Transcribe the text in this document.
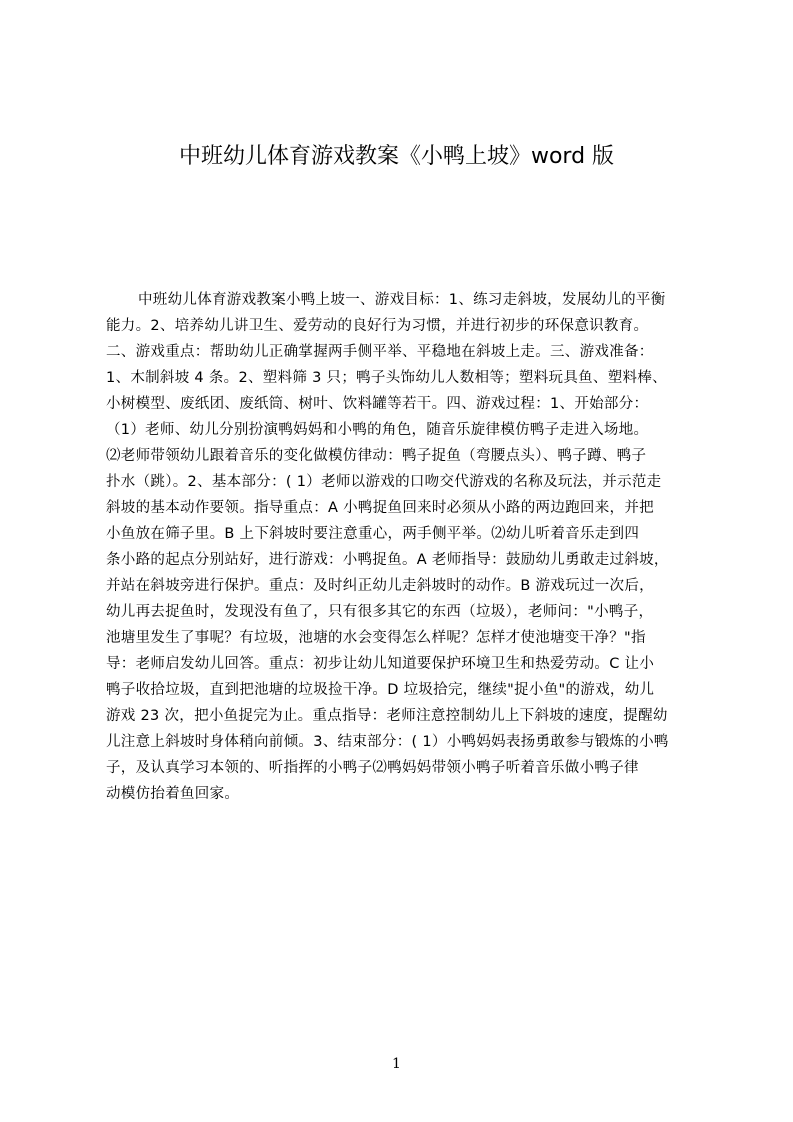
中班幼儿体育游戏教案《小鸭上坡》word 版
中班幼儿体育游戏教案小鸭上坡一、游戏目标：1、练习走斜坡，发展幼儿的平衡
能力。2、培养幼儿讲卫生、爱劳动的良好行为习惯，并进行初步的环保意识教育。
二、游戏重点：帮助幼儿正确掌握两手侧平举、平稳地在斜坡上走。三、游戏准备：
1、木制斜坡 4 条。2、塑料筛 3 只；鸭子头饰幼儿人数相等；塑料玩具鱼、塑料棒、
小树模型、废纸团、废纸筒、树叶、饮料罐等若干。四、游戏过程：1、开始部分：
（1）老师、幼儿分别扮演鸭妈妈和小鸭的角色，随音乐旋律模仿鸭子走进入场地。
⑵老师带领幼儿跟着音乐的变化做模仿律动：鸭子捉鱼（弯腰点头）、鸭子蹲、鸭子
扑水（跳）。2、基本部分：( 1）老师以游戏的口吻交代游戏的名称及玩法，并示范走
斜坡的基本动作要领。指导重点：A 小鸭捉鱼回来时必须从小路的两边跑回来，并把
小鱼放在筛子里。B 上下斜坡时要注意重心，两手侧平举。⑵幼儿听着音乐走到四
条小路的起点分别站好，进行游戏：小鸭捉鱼。A 老师指导：鼓励幼儿勇敢走过斜坡，
并站在斜坡旁进行保护。重点：及时纠正幼儿走斜坡时的动作。B 游戏玩过一次后，
幼儿再去捉鱼时，发现没有鱼了，只有很多其它的东西（垃圾），老师问："小鸭子，
池塘里发生了事呢？有垃圾，池塘的水会变得怎么样呢？怎样才使池塘变干净？"指
导：老师启发幼儿回答。重点：初步让幼儿知道要保护环境卫生和热爱劳动。C 让小
鸭子收拾垃圾，直到把池塘的垃圾捡干净。D 垃圾拾完，继续"捉小鱼"的游戏，幼儿
游戏 23 次，把小鱼捉完为止。重点指导：老师注意控制幼儿上下斜坡的速度，提醒幼
儿注意上斜坡时身体稍向前倾。3、结束部分：( 1）小鸭妈妈表扬勇敢参与锻炼的小鸭
子，及认真学习本领的、听指挥的小鸭子⑵鸭妈妈带领小鸭子听着音乐做小鸭子律
动模仿抬着鱼回家。
1
